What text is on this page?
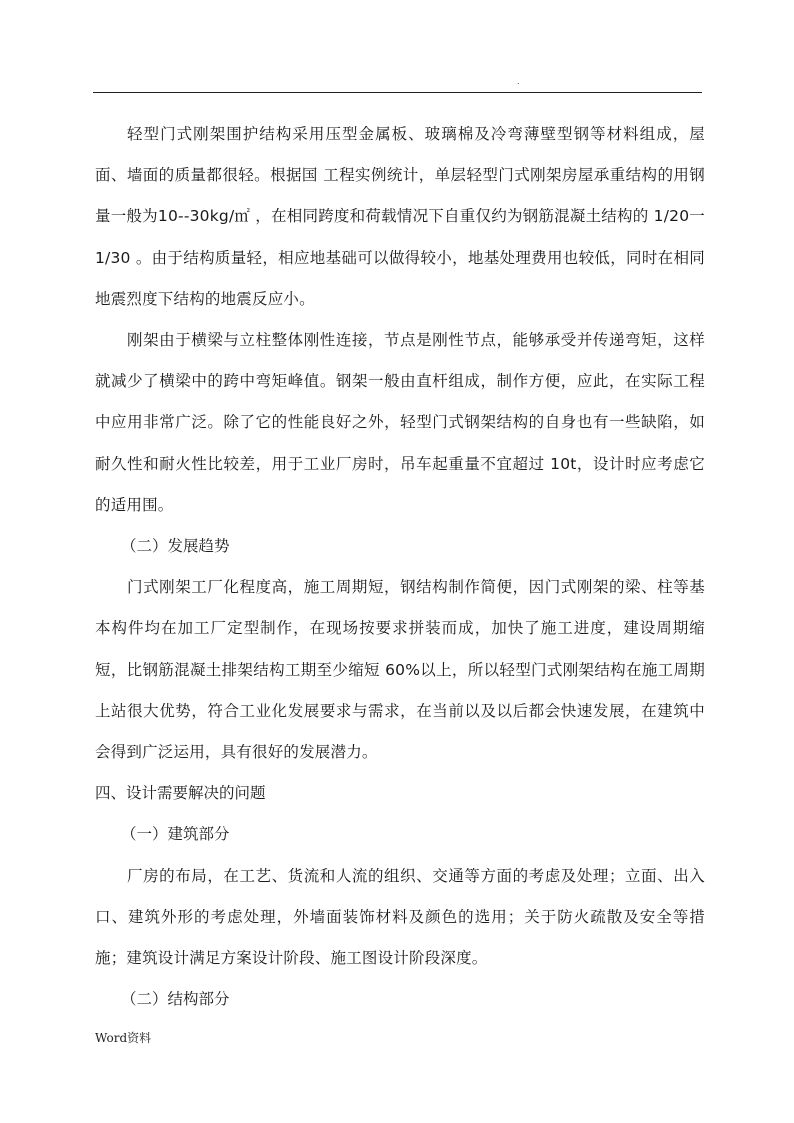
.

轻型门式刚架围护结构采用压型金属板、玻璃棉及冷弯薄壁型钢等材料组成，屋面、墙面的质量都很轻。根据国 工程实例统计，单层轻型门式刚架房屋承重结构的用钢量一般为10--30kg/㎡ ，在相同跨度和荷载情况下自重仅约为钢筋混凝土结构的 1/20一1/30 。由于结构质量轻，相应地基础可以做得较小，地基处理费用也较低，同时在相同地震烈度下结构的地震反应小。

刚架由于横梁与立柱整体刚性连接，节点是刚性节点，能够承受并传递弯矩，这样就减少了横梁中的跨中弯矩峰值。钢架一般由直杆组成，制作方便，应此，在实际工程中应用非常广泛。除了它的性能良好之外，轻型门式钢架结构的自身也有一些缺陷，如耐久性和耐火性比较差，用于工业厂房时，吊车起重量不宜超过 10t，设计时应考虑它的适用围。

（二）发展趋势

门式刚架工厂化程度高，施工周期短，钢结构制作简便，因门式刚架的梁、柱等基本构件均在加工厂定型制作，在现场按要求拼装而成，加快了施工进度，建设周期缩短，比钢筋混凝土排架结构工期至少缩短 60%以上，所以轻型门式刚架结构在施工周期上站很大优势，符合工业化发展要求与需求，在当前以及以后都会快速发展，在建筑中会得到广泛运用，具有很好的发展潜力。

四、设计需要解决的问题

（一）建筑部分

厂房的布局，在工艺、货流和人流的组织、交通等方面的考虑及处理；立面、出入口、建筑外形的考虑处理，外墙面装饰材料及颜色的选用；关于防火疏散及安全等措施；建筑设计满足方案设计阶段、施工图设计阶段深度。

（二）结构部分

Word资料
